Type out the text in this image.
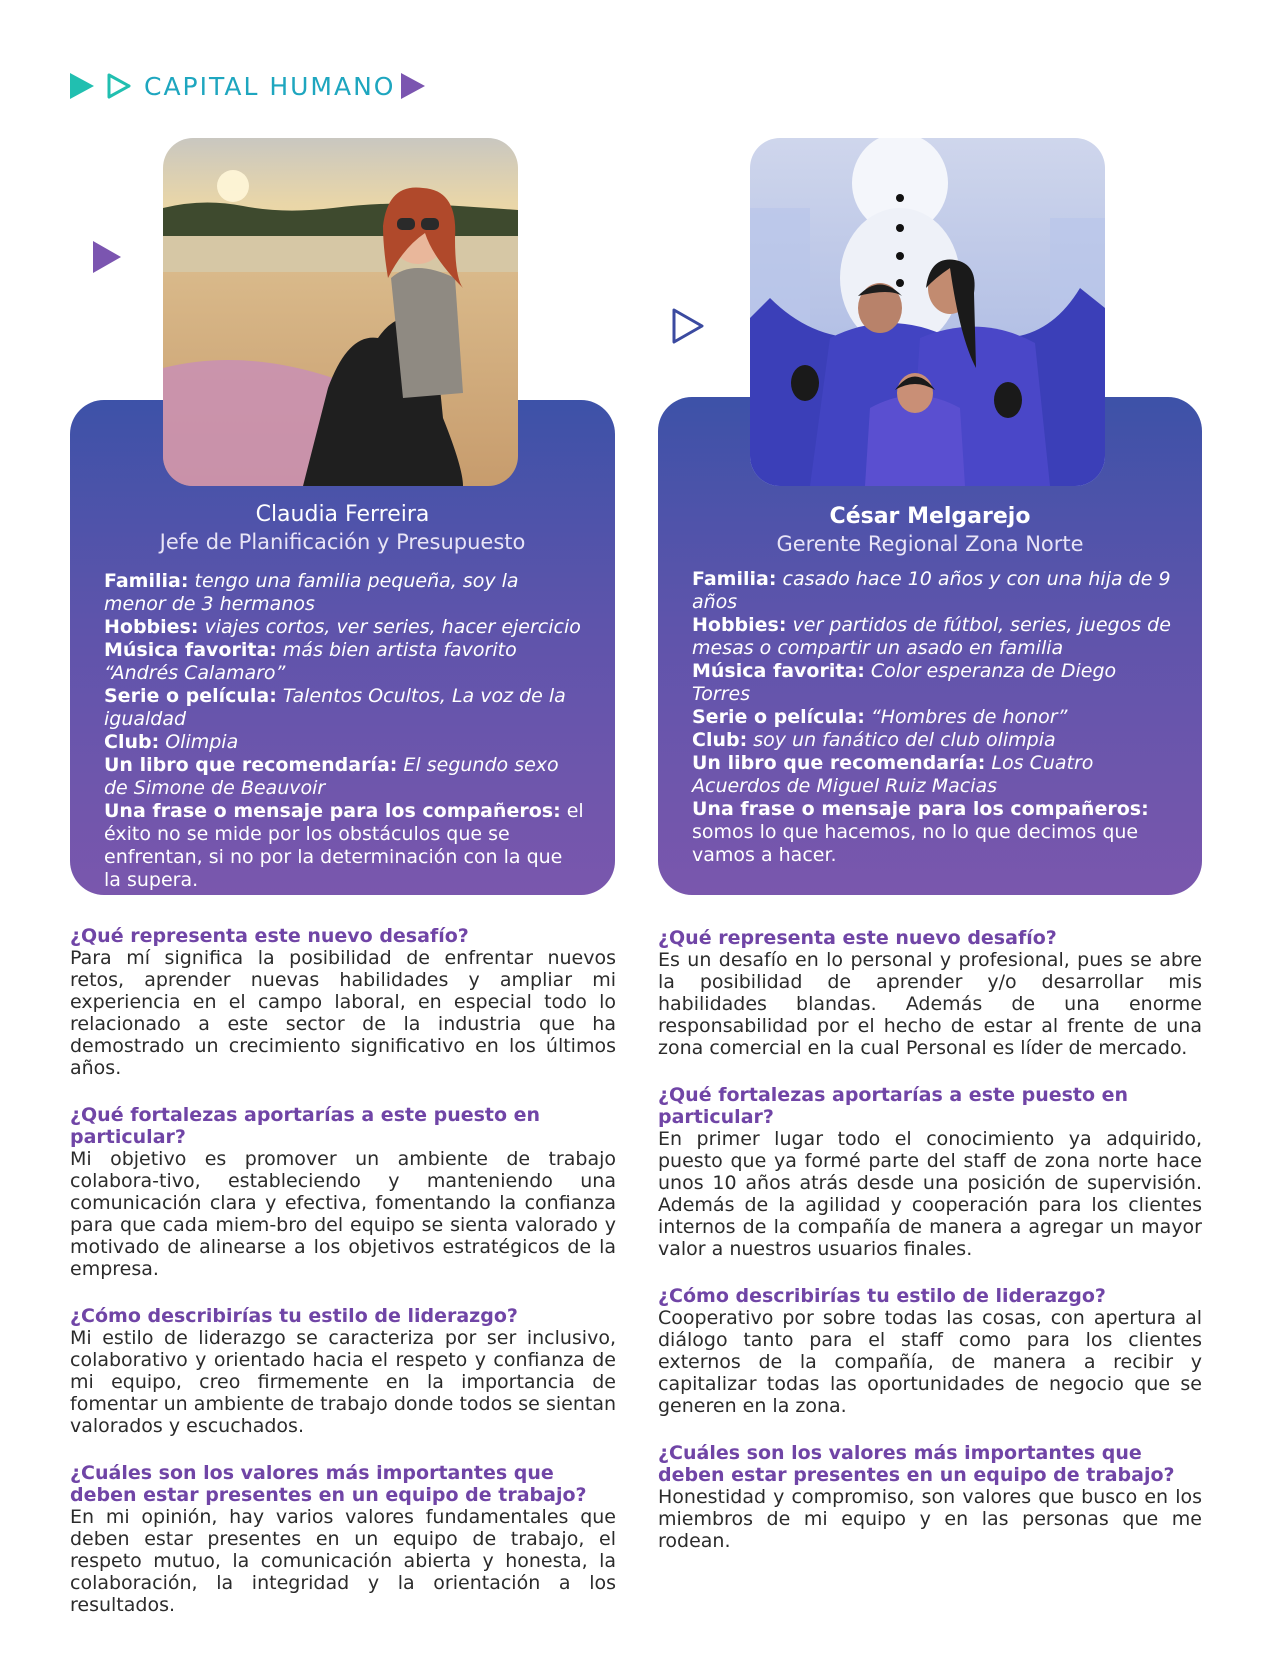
CAPITAL HUMANO
Claudia Ferreira
Jefe de Planificación y Presupuesto

Familia: tengo una familia pequeña, soy la menor de 3 hermanos

Hobbies: viajes cortos, ver series, hacer ejercicio

Música favorita: más bien artista favorito “Andrés Calamaro”

Serie o película: Talentos Ocultos, La voz de la igualdad

Club: Olimpia

Un libro que recomendaría: El segundo sexo de Simone de Beauvoir

Una frase o mensaje para los compañeros: el éxito no se mide por los obstáculos que se enfrentan, si no por la determinación con la que la supera.

César Melgarejo
Gerente Regional Zona Norte

Familia: casado hace 10 años y con una hija de 9 años

Hobbies: ver partidos de fútbol, series, juegos de mesas o compartir un asado en familia

Música favorita: Color esperanza de Diego Torres

Serie o película: “Hombres de honor”

Club: soy un fanático del club olimpia

Un libro que recomendaría: Los Cuatro Acuerdos de Miguel Ruiz Macias

Una frase o mensaje para los compañeros: somos lo que hacemos, no lo que decimos que vamos a hacer.

¿Qué representa este nuevo desafío?

Para mí significa la posibilidad de enfrentar nuevos retos, aprender nuevas habilidades y ampliar mi experiencia en el campo laboral, en especial todo lo relacionado a este sector de la industria que ha demostrado un crecimiento significativo en los últimos años.

¿Qué fortalezas aportarías a este puesto en particular?

Mi objetivo es promover un ambiente de trabajo colabora-tivo, estableciendo y manteniendo una comunicación clara y efectiva, fomentando la confianza para que cada miem-bro del equipo se sienta valorado y motivado de alinearse a los objetivos estratégicos de la empresa.

¿Cómo describirías tu estilo de liderazgo?

Mi estilo de liderazgo se caracteriza por ser inclusivo, colaborativo y orientado hacia el respeto y confianza de mi equipo, creo firmemente en la importancia de fomentar un ambiente de trabajo donde todos se sientan valorados y escuchados.

¿Cuáles son los valores más importantes que deben estar presentes en un equipo de trabajo?

En mi opinión, hay varios valores fundamentales que deben estar presentes en un equipo de trabajo, el respeto mutuo, la comunicación abierta y honesta, la colaboración, la integridad y la orientación a los resultados.

¿Qué representa este nuevo desafío?

Es un desafío en lo personal y profesional, pues se abre la posibilidad de aprender y/o desarrollar mis habilidades blandas. Además de una enorme responsabilidad por el hecho de estar al frente de una zona comercial en la cual Personal es líder de mercado.

¿Qué fortalezas aportarías a este puesto en particular?

En primer lugar todo el conocimiento ya adquirido, puesto que ya formé parte del staff de zona norte hace unos 10 años atrás desde una posición de supervisión. Además de la agilidad y cooperación para los clientes internos de la compañía de manera a agregar un mayor valor a nuestros usuarios finales.

¿Cómo describirías tu estilo de liderazgo?

Cooperativo por sobre todas las cosas, con apertura al diálogo tanto para el staff como para los clientes externos de la compañía, de manera a recibir y capitalizar todas las oportunidades de negocio que se generen en la zona.

¿Cuáles son los valores más importantes que deben estar presentes en un equipo de trabajo?

Honestidad y compromiso, son valores que busco en los miembros de mi equipo y en las personas que me rodean.
